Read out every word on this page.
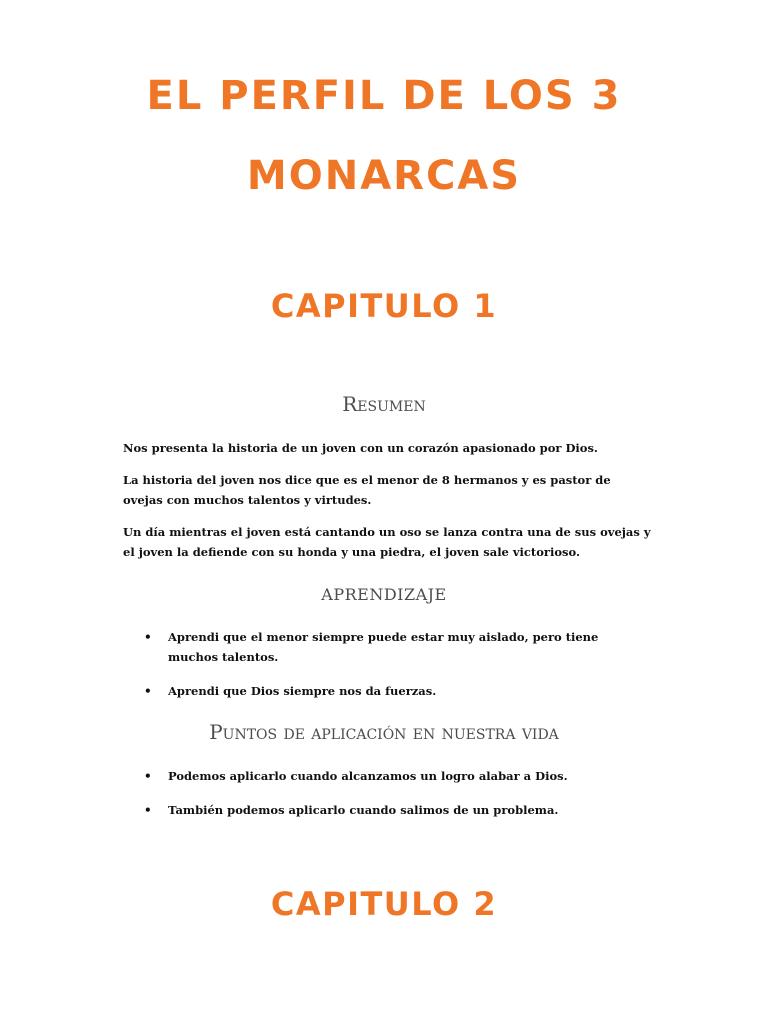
EL PERFIL DE LOS 3
MONARCAS
CAPITULO 1
Resumen

Nos presenta la historia de un joven con un corazón apasionado por Dios.

La historia del joven nos dice que es el menor de 8 hermanos y es pastor de ovejas con muchos talentos y virtudes.

Un día mientras el joven está cantando un oso se lanza contra una de sus ovejas y el joven la defiende con su honda y una piedra, el joven sale victorioso.

APRENDIZAJE
• Aprendi que el menor siempre puede estar muy aislado, pero tiene muchos talentos.
• Aprendi que Dios siempre nos da fuerzas.
Puntos de aplicación en nuestra vida
• Podemos aplicarlo cuando alcanzamos un logro alabar a Dios.
• También podemos aplicarlo cuando salimos de un problema.
CAPITULO 2
